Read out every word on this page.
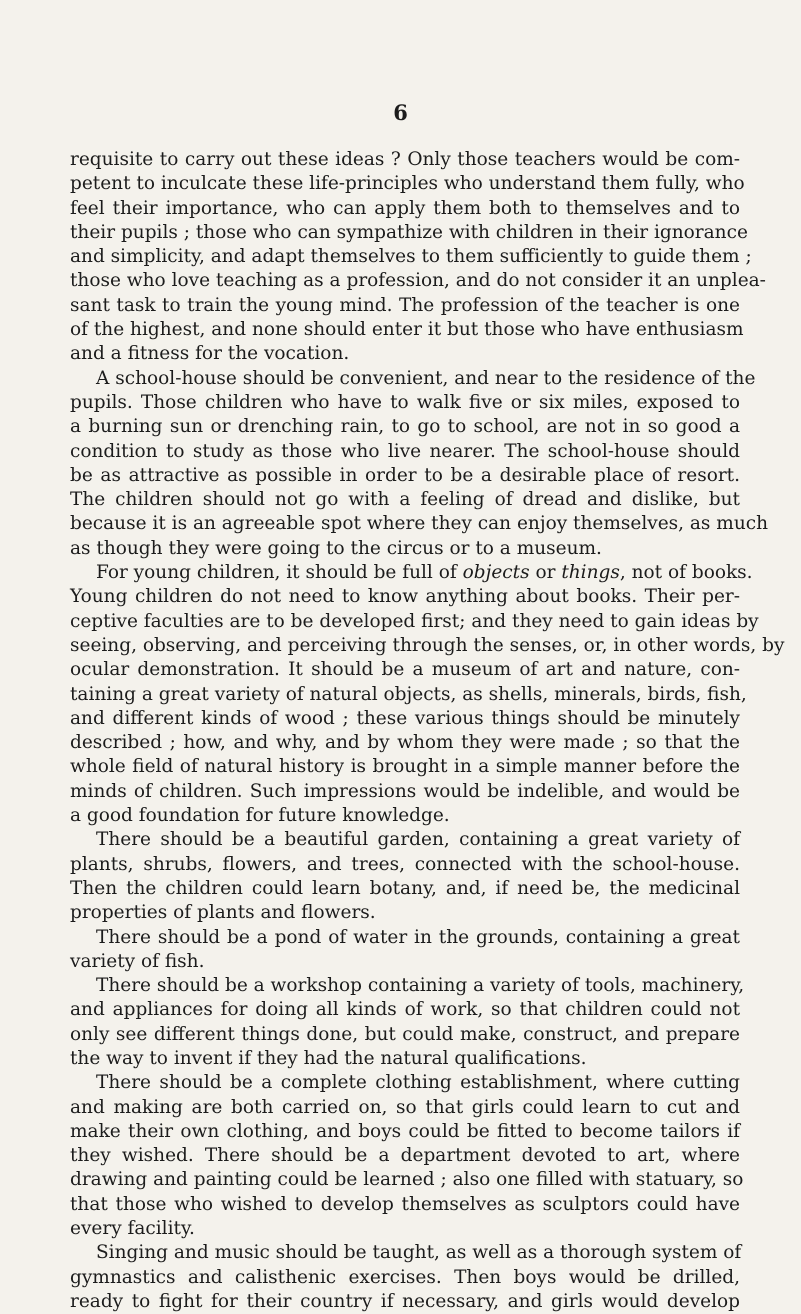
6
requisite to carry out these ideas ? Only those teachers would be com-
petent to inculcate these life-principles who understand them fully, who
feel their importance, who can apply them both to themselves and to
their pupils ; those who can sympathize with children in their ignorance
and simplicity, and adapt themselves to them sufficiently to guide them ;
those who love teaching as a profession, and do not consider it an unplea-
sant task to train the young mind. The profession of the teacher is one
of the highest, and none should enter it but those who have enthusiasm
and a fitness for the vocation.
A school-house should be convenient, and near to the residence of the
pupils. Those children who have to walk five or six miles, exposed to
a burning sun or drenching rain, to go to school, are not in so good a
condition to study as those who live nearer. The school-house should
be as attractive as possible in order to be a desirable place of resort.
The children should not go with a feeling of dread and dislike, but
because it is an agreeable spot where they can enjoy themselves, as much
as though they were going to the circus or to a museum.
For young children, it should be full of objects or things, not of books.
Young children do not need to know anything about books. Their per-
ceptive faculties are to be developed first; and they need to gain ideas by
seeing, observing, and perceiving through the senses, or, in other words, by
ocular demonstration. It should be a museum of art and nature, con-
taining a great variety of natural objects, as shells, minerals, birds, fish,
and different kinds of wood ; these various things should be minutely
described ; how, and why, and by whom they were made ; so that the
whole field of natural history is brought in a simple manner before the
minds of children. Such impressions would be indelible, and would be
a good foundation for future knowledge.
There should be a beautiful garden, containing a great variety of
plants, shrubs, flowers, and trees, connected with the school-house.
Then the children could learn botany, and, if need be, the medicinal
properties of plants and flowers.
There should be a pond of water in the grounds, containing a great
variety of fish.
There should be a workshop containing a variety of tools, machinery,
and appliances for doing all kinds of work, so that children could not
only see different things done, but could make, construct, and prepare
the way to invent if they had the natural qualifications.
There should be a complete clothing establishment, where cutting
and making are both carried on, so that girls could learn to cut and
make their own clothing, and boys could be fitted to become tailors if
they wished. There should be a department devoted to art, where
drawing and painting could be learned ; also one filled with statuary, so
that those who wished to develop themselves as sculptors could have
every facility.
Singing and music should be taught, as well as a thorough system of
gymnastics and calisthenic exercises. Then boys would be drilled,
ready to fight for their country if necessary, and girls would develop
